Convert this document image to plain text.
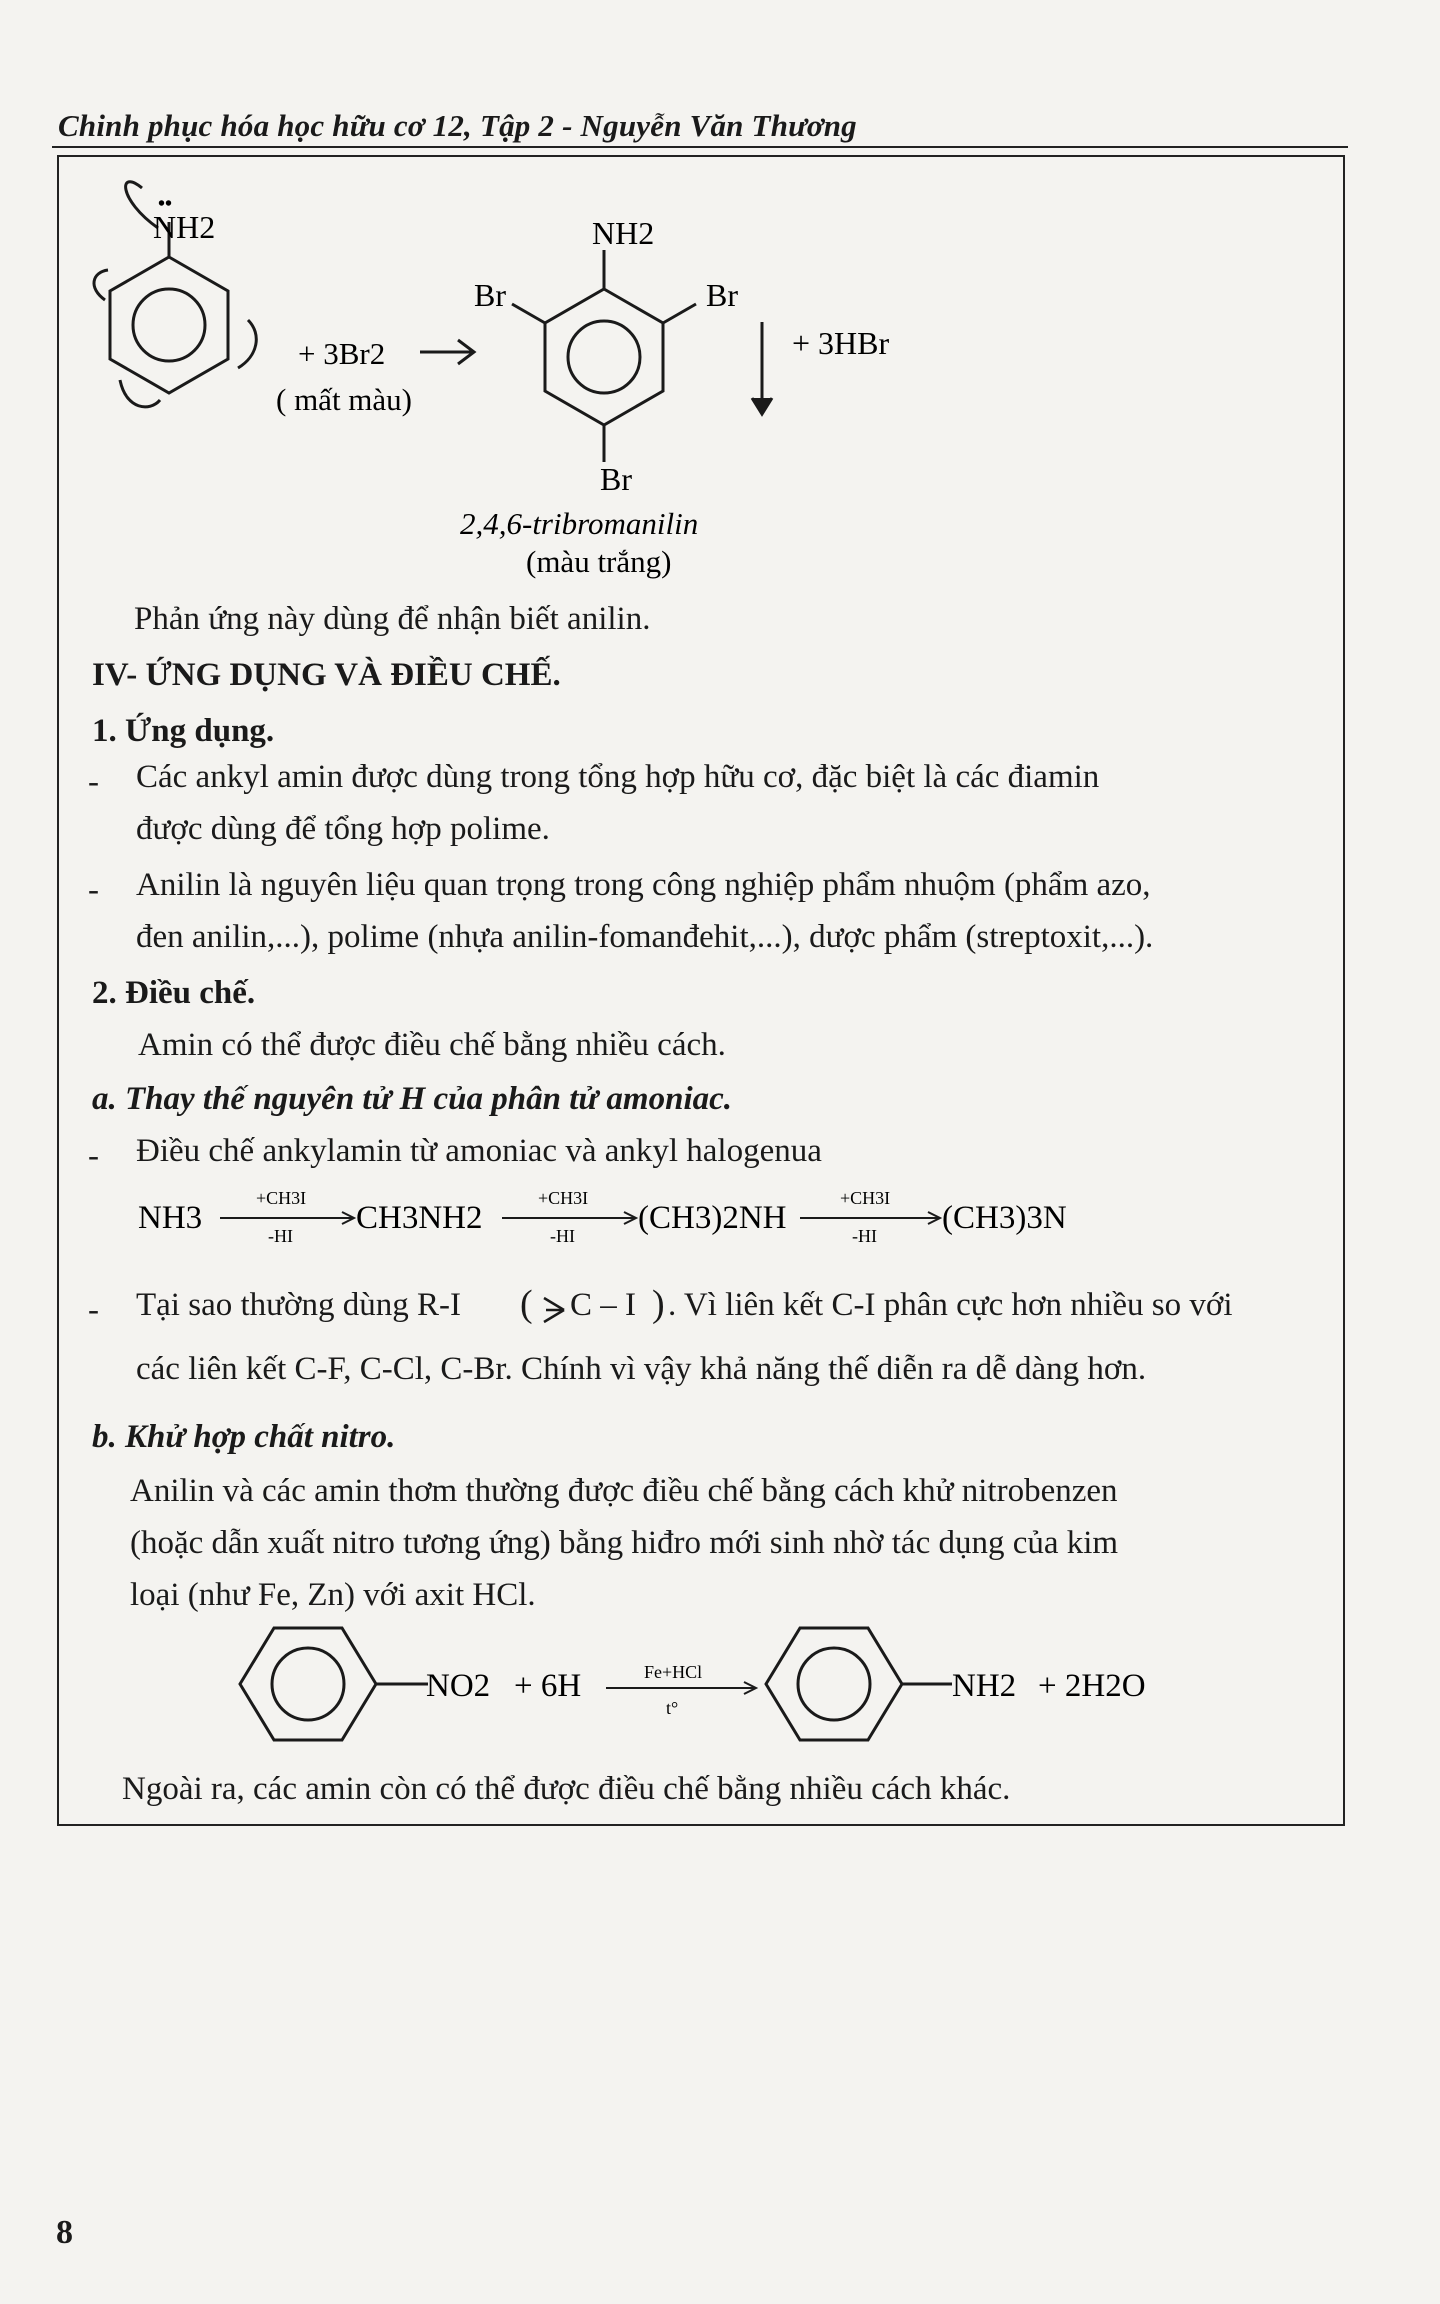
Chinh phục hóa học hữu cơ 12, Tập 2 - Nguyễn Văn Thương
NH2
••
+ 3Br2
( mất màu)
NH2
Br	Br
Br
+ 3HBr
2,4,6-tribromanilin
(màu trắng)
Phản ứng này dùng để nhận biết anilin.
IV- ỨNG DỤNG VÀ ĐIỀU CHẾ.
1. Ứng dụng.
- Các ankyl amin được dùng trong tổng hợp hữu cơ, đặc biệt là các điamin
được dùng để tổng hợp polime.
- Anilin là nguyên liệu quan trọng trong công nghiệp phẩm nhuộm (phẩm azo,
đen anilin,...), polime (nhựa anilin-fomanđehit,...), dược phẩm (streptoxit,...).
2. Điều chế.
Amin có thể được điều chế bằng nhiều cách.
a. Thay thế nguyên tử H của phân tử amoniac.
- Điều chế ankylamin từ amoniac và ankyl halogenua
NH3
+CH3I
-HI CH3NH2
+CH3I
-HI (CH3)2NH
+CH3I
-HI (CH3)3N
- Tại sao thường dùng R-I ( C – I ) . Vì liên kết C-I phân cực hơn nhiều so với
các liên kết C-F, C-Cl, C-Br. Chính vì vậy khả năng thế diễn ra dễ dàng hơn.
b. Khử hợp chất nitro.
Anilin và các amin thơm thường được điều chế bằng cách khử nitrobenzen
(hoặc dẫn xuất nitro tương ứng) bằng hiđro mới sinh nhờ tác dụng của kim
loại (như Fe, Zn) với axit HCl.
NO2 + 6H	Fe+HCl
t°
NH2 + 2H2O
Ngoài ra, các amin còn có thể được điều chế bằng nhiều cách khác.
8
